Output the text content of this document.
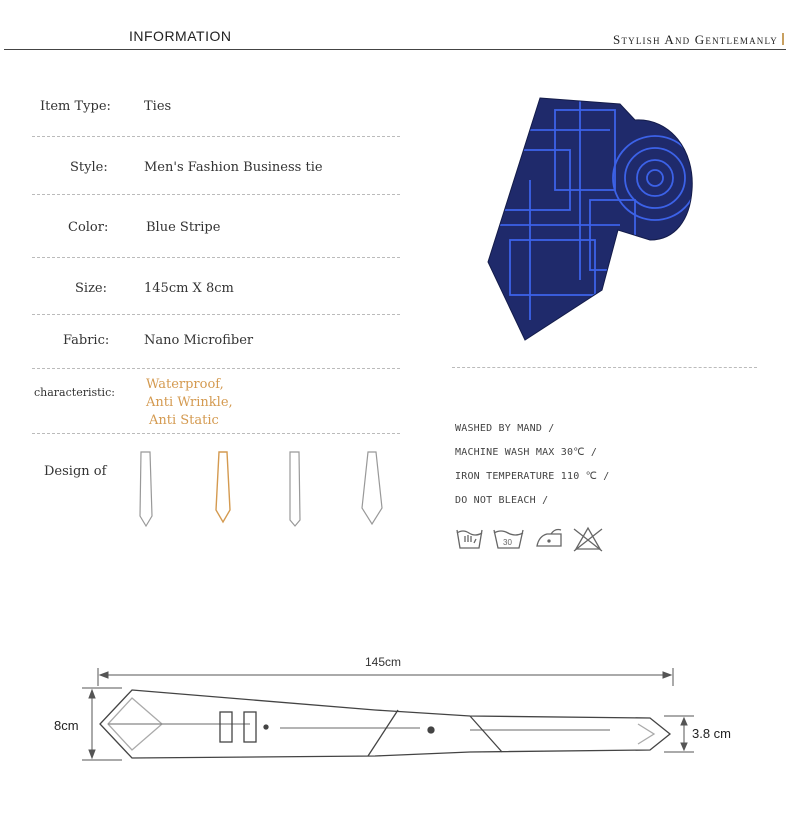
INFORMATION	Stylish And Gentlemanly
Item Type:	Ties
Style:	Men's Fashion Business tie
Color:	Blue Stripe
Size:	145cm X 8cm
Fabric:	Nano Microfiber
characteristic:
Waterproof,
Anti Wrinkle,
Anti Static
Design of
WASHED BY MAND /
MACHINE WASH MAX 30℃ /
IRON TEMPERATURE 110 ℃ /
DO NOT BLEACH /
30
145cm
8cm
3.8 cm
